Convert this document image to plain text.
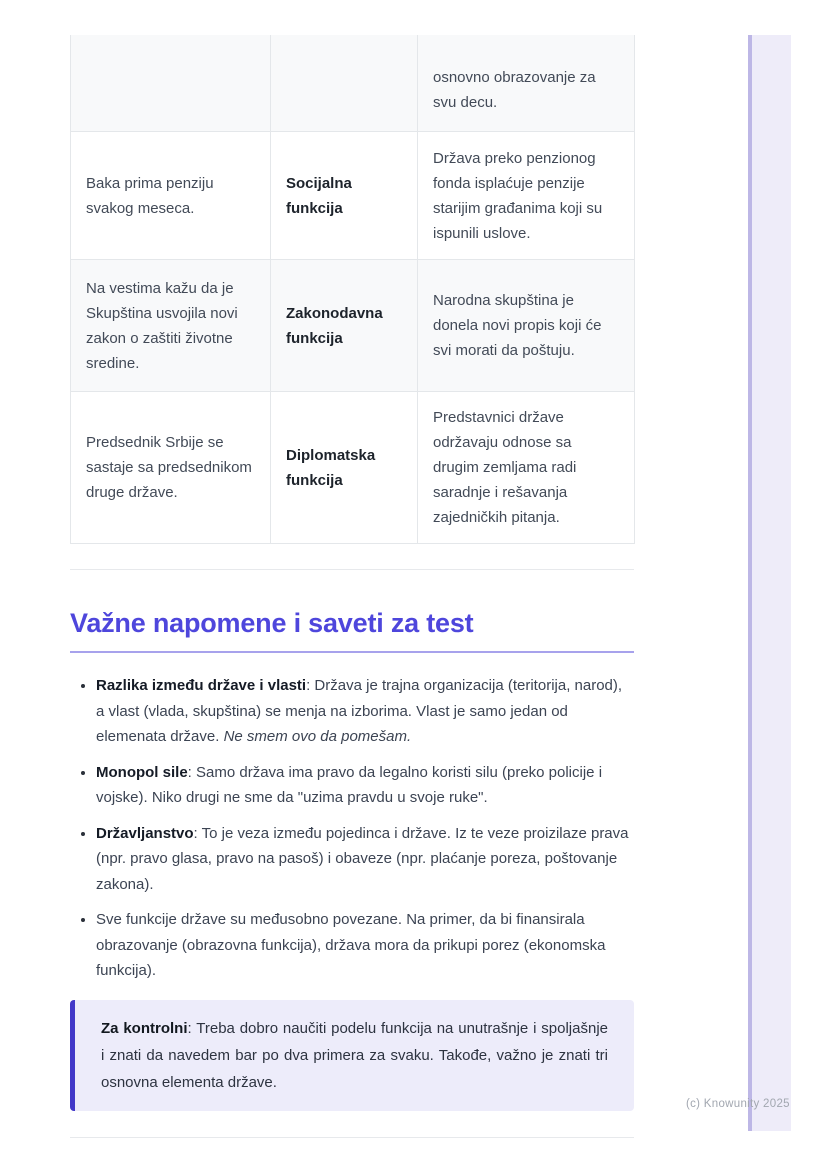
		osnovno obrazovanje za svu decu.
Baka prima penziju svakog meseca.	Socijalna funkcija	Država preko penzionog fonda isplaćuje penzije starijim građanima koji su ispunili uslove.
Na vestima kažu da je Skupština usvojila novi zakon o zaštiti životne sredine.	Zakonodavna funkcija	Narodna skupština je donela novi propis koji će svi morati da poštuju.
Predsednik Srbije se sastaje sa predsednikom druge države.	Diplomatska funkcija	Predstavnici države održavaju odnose sa drugim zemljama radi saradnje i rešavanja zajedničkih pitanja.
Važne napomene i saveti za test
• Razlika između države i vlasti: Država je trajna organizacija (teritorija, narod), a vlast (vlada, skupština) se menja na izborima. Vlast je samo jedan od elemenata države. Ne smem ovo da pomešam.
• Monopol sile: Samo država ima pravo da legalno koristi silu (preko policije i vojske). Niko drugi ne sme da "uzima pravdu u svoje ruke".
• Državljanstvo: To je veza između pojedinca i države. Iz te veze proizilaze prava (npr. pravo glasa, pravo na pasoš) i obaveze (npr. plaćanje poreza, poštovanje zakona).
• Sve funkcije države su međusobno povezane. Na primer, da bi finansirala obrazovanje (obrazovna funkcija), država mora da prikupi porez (ekonomska funkcija).
Za kontrolni: Treba dobro naučiti podelu funkcija na unutrašnje i spoljašnje i znati da navedem bar po dva primera za svaku. Takođe, važno je znati tri osnovna elementa države.
(c) Knowunity 2025
